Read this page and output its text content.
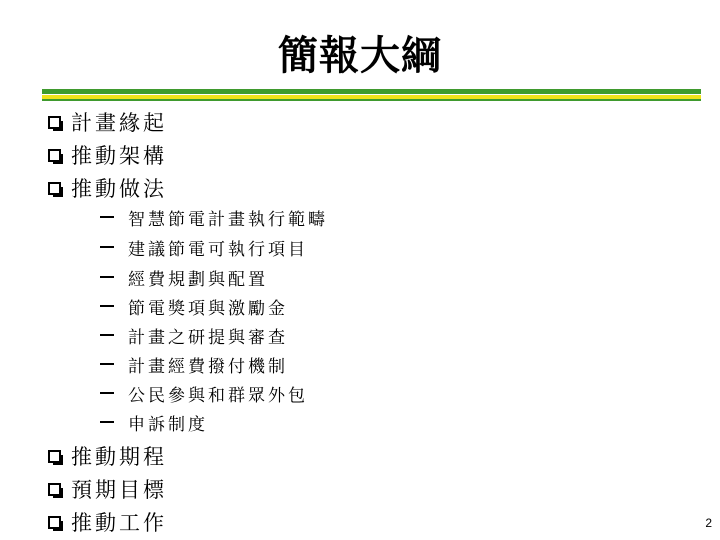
簡報大綱
計畫緣起
推動架構
推動做法
智慧節電計畫執行範疇
建議節電可執行項目
經費規劃與配置
節電獎項與激勵金
計畫之研提與審查
計畫經費撥付機制
公民參與和群眾外包
申訴制度
推動期程
預期目標
推動工作	2
